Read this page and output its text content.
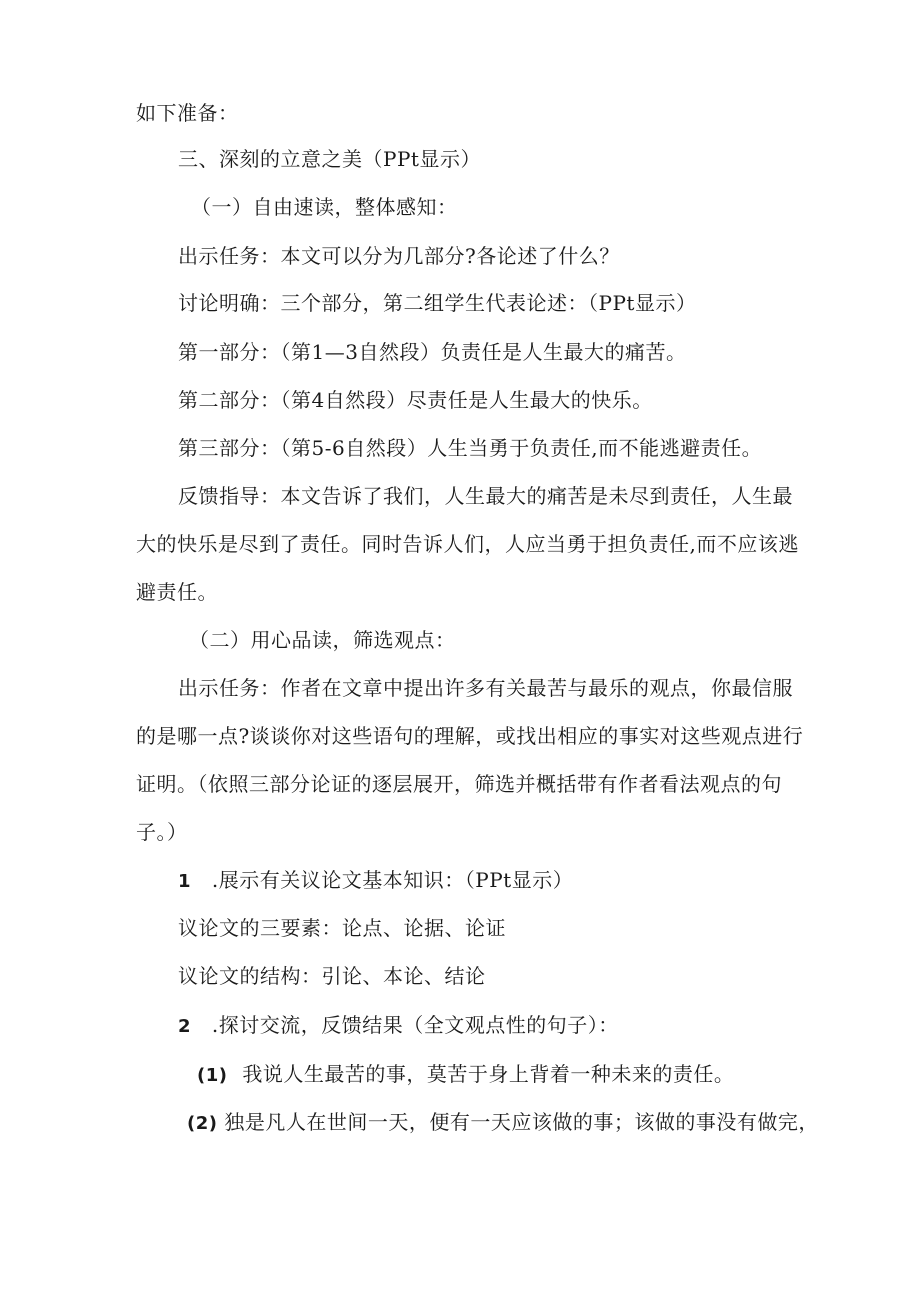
如下准备：
三、深刻的立意之美（PPt显示）
（一）自由速读，整体感知：
出示任务：本文可以分为几部分?各论述了什么？
讨论明确：三个部分，第二组学生代表论述：（PPt显示）
第一部分：（第1—3自然段）负责任是人生最大的痛苦。
第二部分：（第4自然段）尽责任是人生最大的快乐。
第三部分：（第5-6自然段）人生当勇于负责任,而不能逃避责任。
反馈指导：本文告诉了我们，人生最大的痛苦是未尽到责任，人生最
大的快乐是尽到了责任。同时告诉人们，人应当勇于担负责任,而不应该逃
避责任。
（二）用心品读，筛选观点：
出示任务：作者在文章中提出许多有关最苦与最乐的观点，你最信服
的是哪一点?谈谈你对这些语句的理解，或找出相应的事实对这些观点进行
证明。（依照三部分论证的逐层展开，筛选并概括带有作者看法观点的句
子。）
1 .展示有关议论文基本知识：（PPt显示）
议论文的三要素：论点、论据、论证
议论文的结构：引论、本论、结论
2 .探讨交流，反馈结果（全文观点性的句子）：
(1) 我说人生最苦的事，莫苦于身上背着一种未来的责任。
(2) 独是凡人在世间一天，便有一天应该做的事；该做的事没有做完，
